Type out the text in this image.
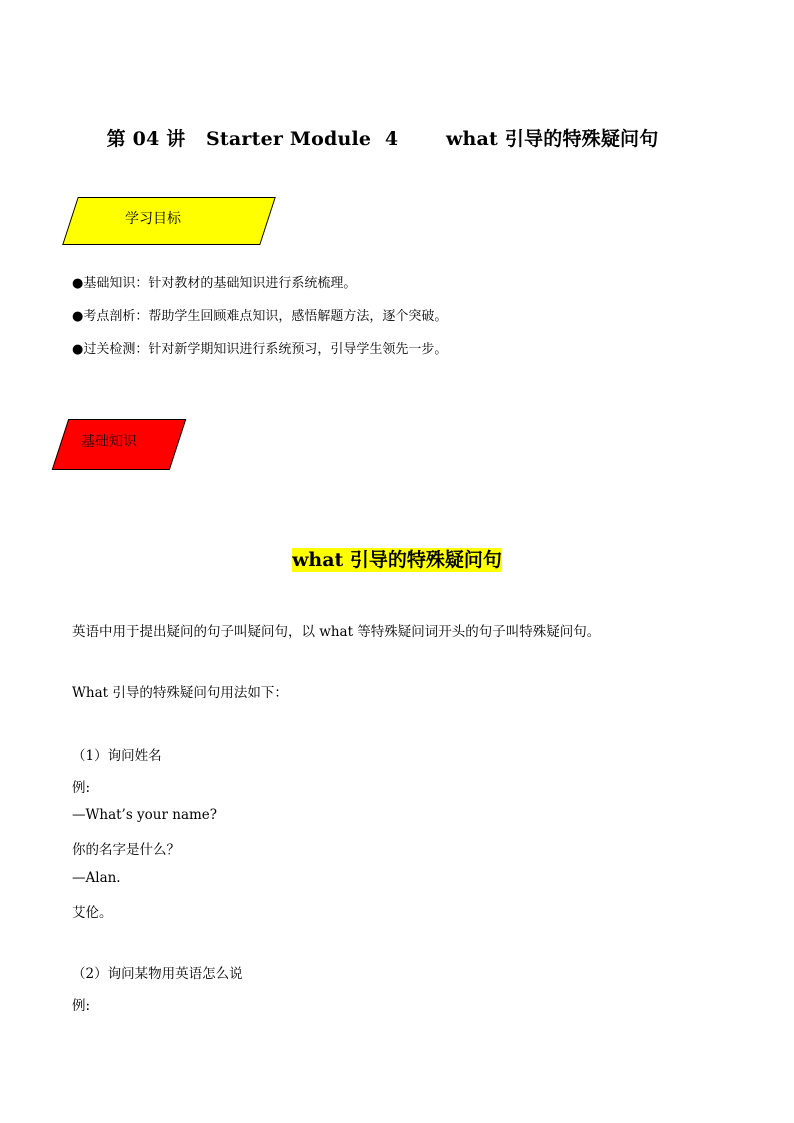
第 04 讲 Starter Module  4	what 引导的特殊疑问句

学习目标
●基础知识：针对教材的基础知识进行系统梳理。
●考点剖析：帮助学生回顾难点知识，感悟解题方法，逐个突破。
●过关检测：针对新学期知识进行系统预习，引导学生领先一步。
基础知识
what 引导的特殊疑问句
英语中用于提出疑问的句子叫疑问句，以 what 等特殊疑问词开头的句子叫特殊疑问句。
What 引导的特殊疑问句用法如下：
（1）询问姓名
例:
—What’s your name?
你的名字是什么？
—Alan.
艾伦。
（2）询问某物用英语怎么说
例:
